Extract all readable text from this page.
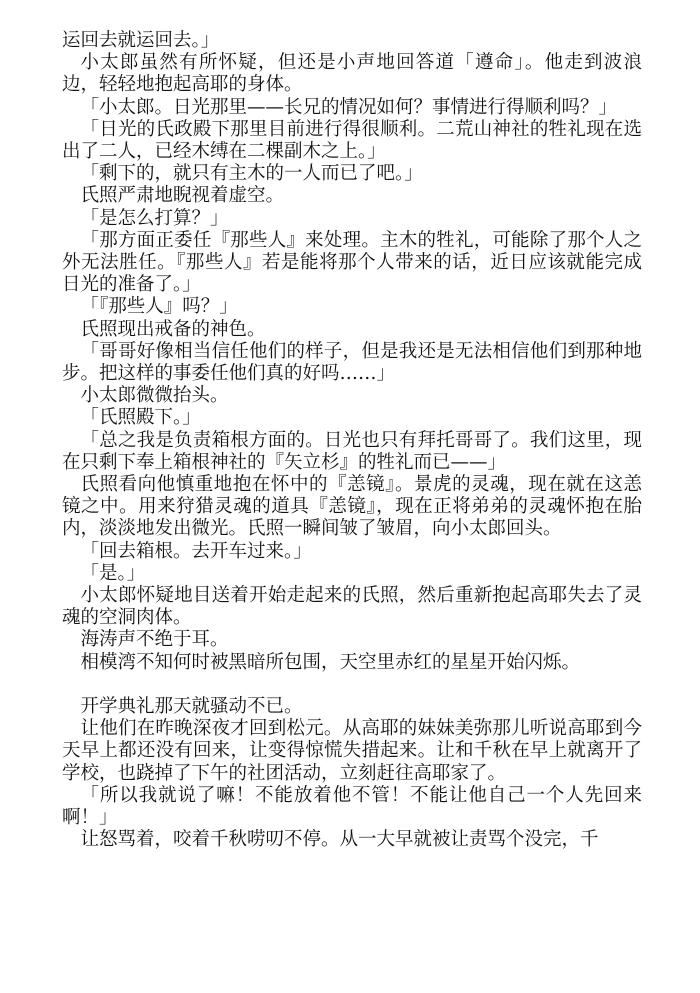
运回去就运回去。」

小太郎虽然有所怀疑，但还是小声地回答道「遵命」。他走到波浪边，轻轻地抱起高耶的身体。

「小太郎。日光那里——长兄的情况如何？事情进行得顺利吗？」

「日光的氏政殿下那里目前进行得很顺利。二荒山神社的牲礼现在选出了二人，已经木缚在二棵副木之上。」

「剩下的，就只有主木的一人而已了吧。」

氏照严肃地睨视着虚空。

「是怎么打算？」

「那方面正委任『那些人』来处理。主木的牲礼，可能除了那个人之外无法胜任。『那些人』若是能将那个人带来的话，近日应该就能完成日光的准备了。」

「『那些人』吗？」

氏照现出戒备的神色。

「哥哥好像相当信任他们的样子，但是我还是无法相信他们到那种地步。把这样的事委任他们真的好吗……」

小太郎微微抬头。

「氏照殿下。」

「总之我是负责箱根方面的。日光也只有拜托哥哥了。我们这里，现在只剩下奉上箱根神社的『矢立杉』的牲礼而已——」

氏照看向他慎重地抱在怀中的『恙镜』。景虎的灵魂，现在就在这恙镜之中。用来狩猎灵魂的道具『恙镜』，现在正将弟弟的灵魂怀抱在胎内，淡淡地发出微光。氏照一瞬间皱了皱眉，向小太郎回头。

「回去箱根。去开车过来。」

「是。」

小太郎怀疑地目送着开始走起来的氏照，然后重新抱起高耶失去了灵魂的空洞肉体。

海涛声不绝于耳。

相模湾不知何时被黑暗所包围，天空里赤红的星星开始闪烁。

开学典礼那天就骚动不已。

让他们在昨晚深夜才回到松元。从高耶的妹妹美弥那儿听说高耶到今天早上都还没有回来，让变得惊慌失措起来。让和千秋在早上就离开了学校，也跷掉了下午的社团活动，立刻赶往高耶家了。

「所以我就说了嘛！不能放着他不管！不能让他自己一个人先回来啊！」

让怒骂着，咬着千秋唠叨不停。从一大早就被让责骂个没完，千
